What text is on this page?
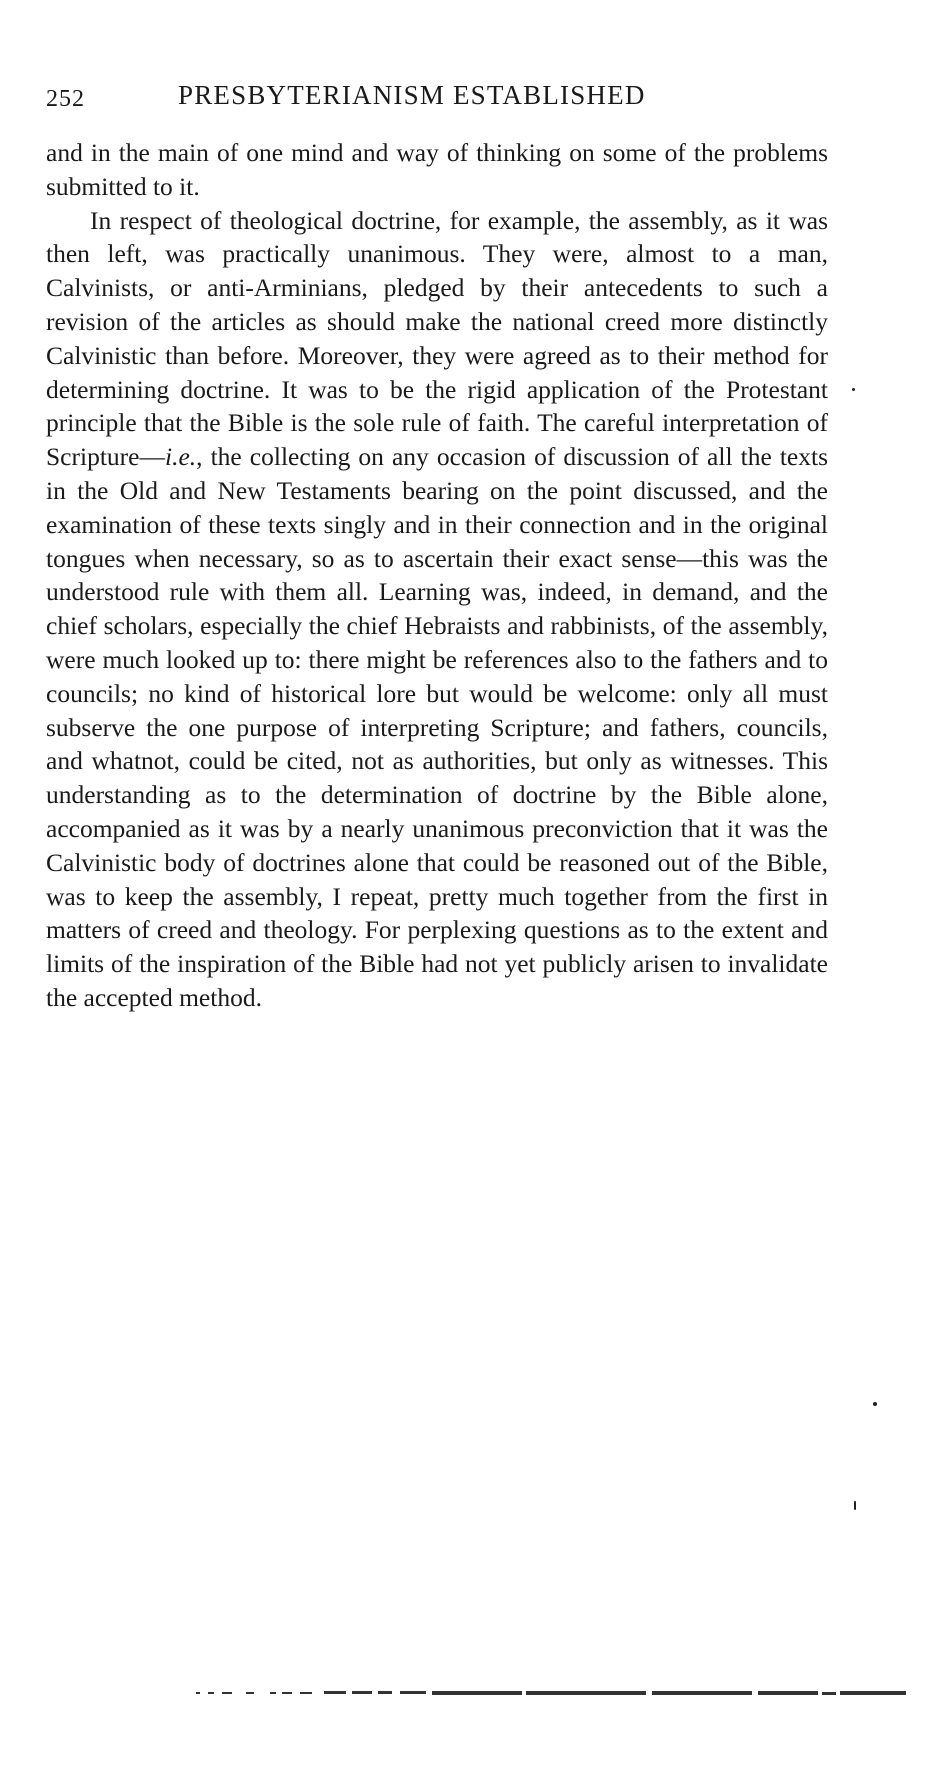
252	PRESBYTERIANISM ESTABLISHED

and in the main of one mind and way of thinking on some of the problems submitted to it.

In respect of theological doctrine, for example, the assembly, as it was then left, was practically unanimous. They were, almost to a man, Calvinists, or anti-Arminians, pledged by their antecedents to such a revision of the articles as should make the national creed more distinctly Calvinistic than before. Moreover, they were agreed as to their method for determining doctrine. It was to be the rigid application of the Protestant principle that the Bible is the sole rule of faith. The careful interpretation of Scripture—i.e., the collecting on any occasion of discussion of all the texts in the Old and New Testaments bearing on the point discussed, and the examination of these texts singly and in their connection and in the original tongues when necessary, so as to ascertain their exact sense—this was the understood rule with them all. Learning was, indeed, in demand, and the chief scholars, especially the chief Hebraists and rabbinists, of the assembly, were much looked up to: there might be references also to the fathers and to councils; no kind of historical lore but would be welcome: only all must subserve the one purpose of interpreting Scripture; and fathers, councils, and whatnot, could be cited, not as authorities, but only as witnesses. This understanding as to the determination of doctrine by the Bible alone, accompanied as it was by a nearly unanimous preconviction that it was the Calvinistic body of doctrines alone that could be reasoned out of the Bible, was to keep the assembly, I repeat, pretty much together from the first in matters of creed and theology. For perplexing questions as to the extent and limits of the inspiration of the Bible had not yet publicly arisen to invalidate the accepted method.
